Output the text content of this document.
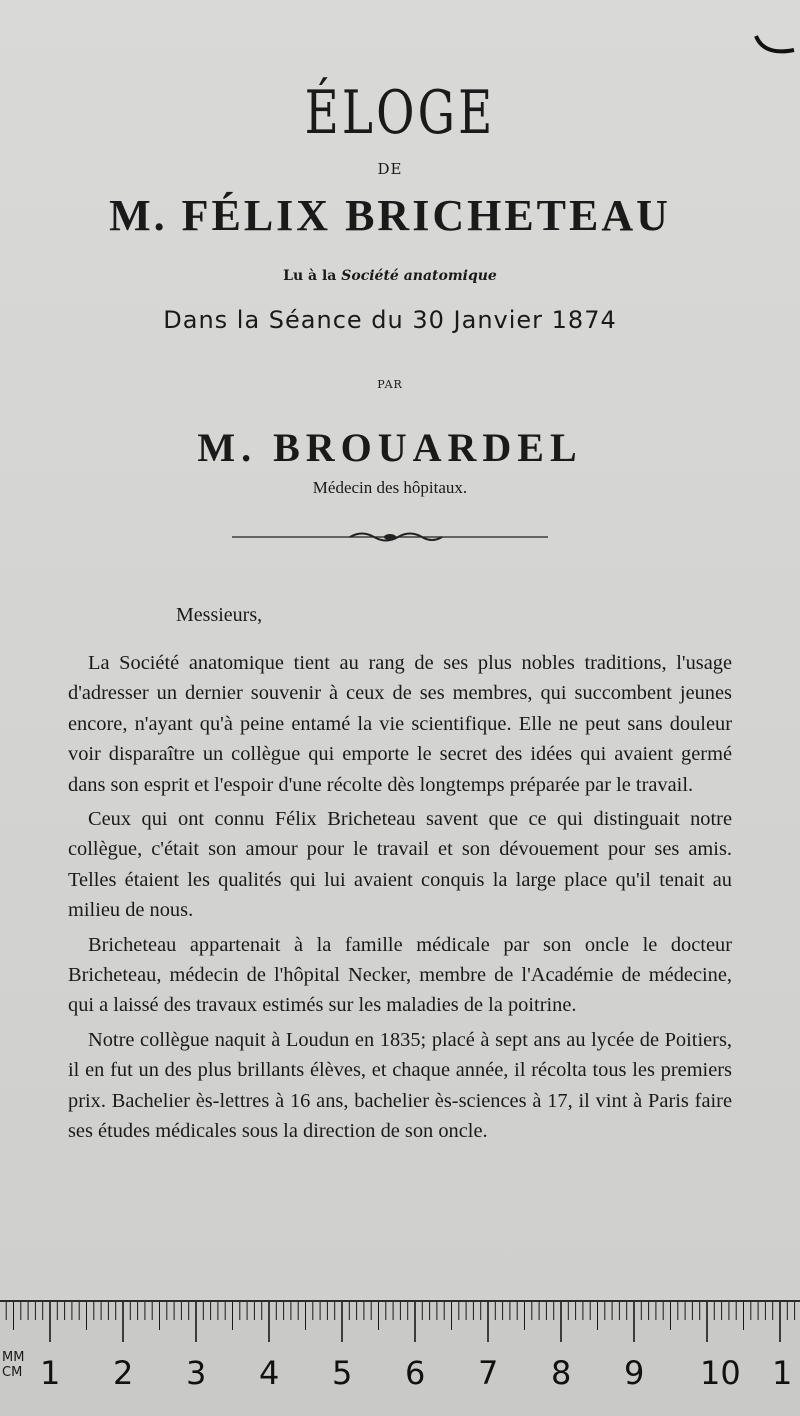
ÉLOGE
DE
M. FÉLIX BRICHETEAU
Lu à la Société anatomique
Dans la Séance du 30 Janvier 1874
PAR
M. BROUARDEL
Médecin des hôpitaux.
Messieurs,

La Société anatomique tient au rang de ses plus nobles traditions, l'usage d'adresser un dernier souvenir à ceux de ses membres, qui succombent jeunes encore, n'ayant qu'à peine entamé la vie scientifique. Elle ne peut sans douleur voir disparaître un collègue qui emporte le secret des idées qui avaient germé dans son esprit et l'espoir d'une récolte dès longtemps préparée par le travail.

Ceux qui ont connu Félix Bricheteau savent que ce qui distinguait notre collègue, c'était son amour pour le travail et son dévouement pour ses amis. Telles étaient les qualités qui lui avaient conquis la large place qu'il tenait au milieu de nous.

Bricheteau appartenait à la famille médicale par son oncle le docteur Bricheteau, médecin de l'hôpital Necker, membre de l'Académie de médecine, qui a laissé des travaux estimés sur les maladies de la poitrine.

Notre collègue naquit à Loudun en 1835; placé à sept ans au lycée de Poitiers, il en fut un des plus brillants élèves, et chaque année, il récolta tous les premiers prix. Bachelier ès-lettres à 16 ans, bachelier ès-sciences à 17, il vint à Paris faire ses études médicales sous la direction de son oncle.

MM
CM 1 2 3 4 5 6 7 8 9 10 1
